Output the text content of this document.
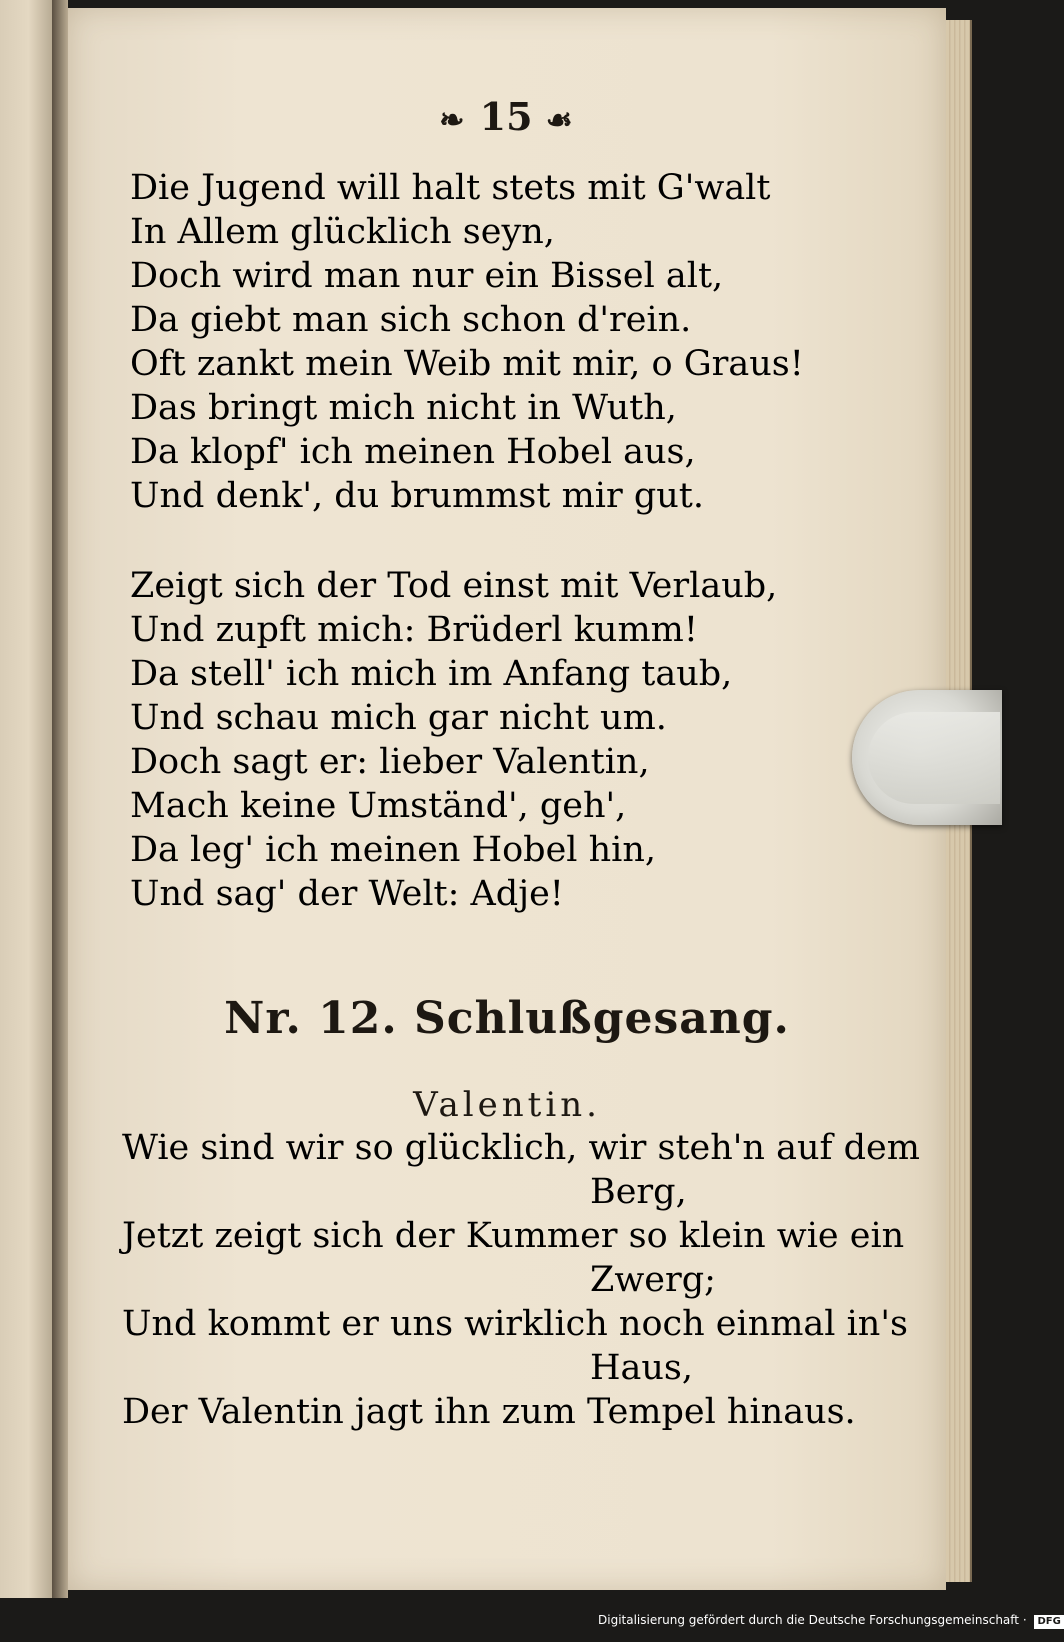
❧ 15 ☙
Die Jugend will halt stets mit G'walt
In Allem glücklich seyn,
Doch wird man nur ein Bissel alt,
Da giebt man sich schon d'rein.
Oft zankt mein Weib mit mir, o Graus!
Das bringt mich nicht in Wuth,
Da klopf' ich meinen Hobel aus,
Und denk', du brummst mir gut.
Zeigt sich der Tod einst mit Verlaub,
Und zupft mich: Brüderl kumm!
Da stell' ich mich im Anfang taub,
Und schau mich gar nicht um.
Doch sagt er: lieber Valentin,
Mach keine Umständ', geh',
Da leg' ich meinen Hobel hin,
Und sag' der Welt: Adje!
Nr. 12. Schlußgesang.
Valentin.
Wie sind wir so glücklich, wir steh'n auf dem
Berg,
Jetzt zeigt sich der Kummer so klein wie ein
Zwerg;
Und kommt er uns wirklich noch einmal in's
Haus,
Der Valentin jagt ihn zum Tempel hinaus.
Digitalisierung gefördert durch die Deutsche Forschungsgemeinschaft · DFG
